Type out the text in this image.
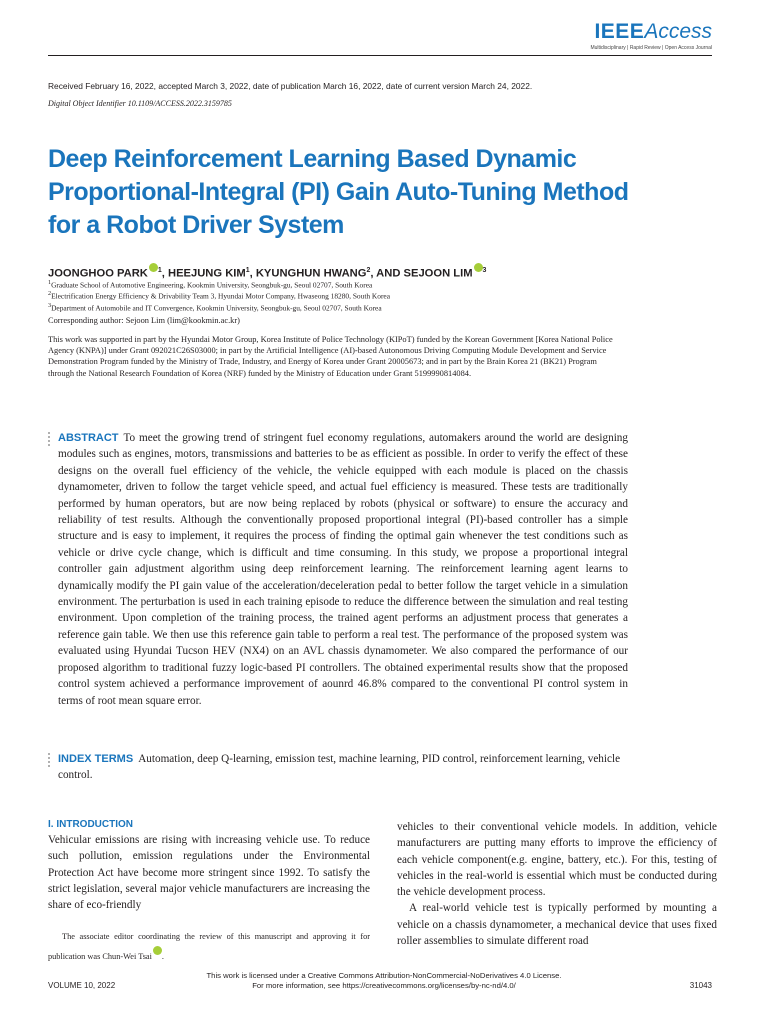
IEEEAccess
Multidisciplinary | Rapid Review | Open Access Journal
Received February 16, 2022, accepted March 3, 2022, date of publication March 16, 2022, date of current version March 24, 2022.
Digital Object Identifier 10.1109/ACCESS.2022.3159785
Deep Reinforcement Learning Based Dynamic Proportional-Integral (PI) Gain Auto-Tuning Method for a Robot Driver System
JOONGHOO PARK $^1$, HEEJUNG KIM$^1$, KYUNGHUN HWANG$^2$, AND SEJOON LIM $^3$
$^1$Graduate School of Automotive Engineering, Kookmin University, Seongbuk-gu, Seoul 02707, South Korea
$^2$Electrification Energy Efficiency & Drivability Team 3, Hyundai Motor Company, Hwaseong 18280, South Korea
$^3$Department of Automobile and IT Convergence, Kookmin University, Seongbuk-gu, Seoul 02707, South Korea
Corresponding author: Sejoon Lim (lim@kookmin.ac.kr)
This work was supported in part by the Hyundai Motor Group, Korea Institute of Police Technology (KIPoT) funded by the Korean Government [Korea National Police Agency (KNPA)] under Grant 092021C26S03000; in part by the Artificial Intelligence (AI)-based Autonomous Driving Computing Module Development and Service Demonstration Program funded by the Ministry of Trade, Industry, and Energy of Korea under Grant 20005673; and in part by the Brain Korea 21 (BK21) Program through the National Research Foundation of Korea (NRF) funded by the Ministry of Education under Grant 5199990814084.
ABSTRACT To meet the growing trend of stringent fuel economy regulations, automakers around the world are designing modules such as engines, motors, transmissions and batteries to be as efficient as possible. In order to verify the effect of these designs on the overall fuel efficiency of the vehicle, the vehicle equipped with each module is placed on the chassis dynamometer, driven to follow the target vehicle speed, and actual fuel efficiency is measured. These tests are traditionally performed by human operators, but are now being replaced by robots (physical or software) to ensure the accuracy and reliability of test results. Although the conventionally proposed proportional integral (PI)-based controller has a simple structure and is easy to implement, it requires the process of finding the optimal gain whenever the test conditions such as vehicle or drive cycle change, which is difficult and time consuming. In this study, we propose a proportional integral controller gain adjustment algorithm using deep reinforcement learning. The reinforcement learning agent learns to dynamically modify the PI gain value of the acceleration/deceleration pedal to better follow the target vehicle in a simulation environment. The perturbation is used in each training episode to reduce the difference between the simulation and real testing environment. Upon completion of the training process, the trained agent performs an adjustment process that generates a reference gain table. We then use this reference gain table to perform a real test. The performance of the proposed system was evaluated using Hyundai Tucson HEV (NX4) on an AVL chassis dynamometer. We also compared the performance of our proposed algorithm to traditional fuzzy logic-based PI controllers. The obtained experimental results show that the proposed control system achieved a performance improvement of aounrd 46.8% compared to the conventional PI control system in terms of root mean square error.
INDEX TERMS Automation, deep Q-learning, emission test, machine learning, PID control, reinforcement learning, vehicle control.
I. INTRODUCTION
Vehicular emissions are rising with increasing vehicle use. To reduce such pollution, emission regulations under the Environmental Protection Act have become more stringent since 1992. To satisfy the strict legislation, several major vehicle manufacturers are increasing the share of eco-friendly

vehicles to their conventional vehicle models. In addition, vehicle manufacturers are putting many efforts to improve the efficiency of each vehicle component(e.g. engine, battery, etc.). For this, testing of vehicles in the real-world is essential which must be conducted during the vehicle development process.

A real-world vehicle test is typically performed by mounting a vehicle on a chassis dynamometer, a mechanical device that uses fixed roller assemblies to simulate different road

The associate editor coordinating the review of this manuscript and approving it for publication was Chun-Wei Tsai .
This work is licensed under a Creative Commons Attribution-NonCommercial-NoDerivatives 4.0 License.
For more information, see https://creativecommons.org/licenses/by-nc-nd/4.0/
VOLUME 10, 2022	31043
